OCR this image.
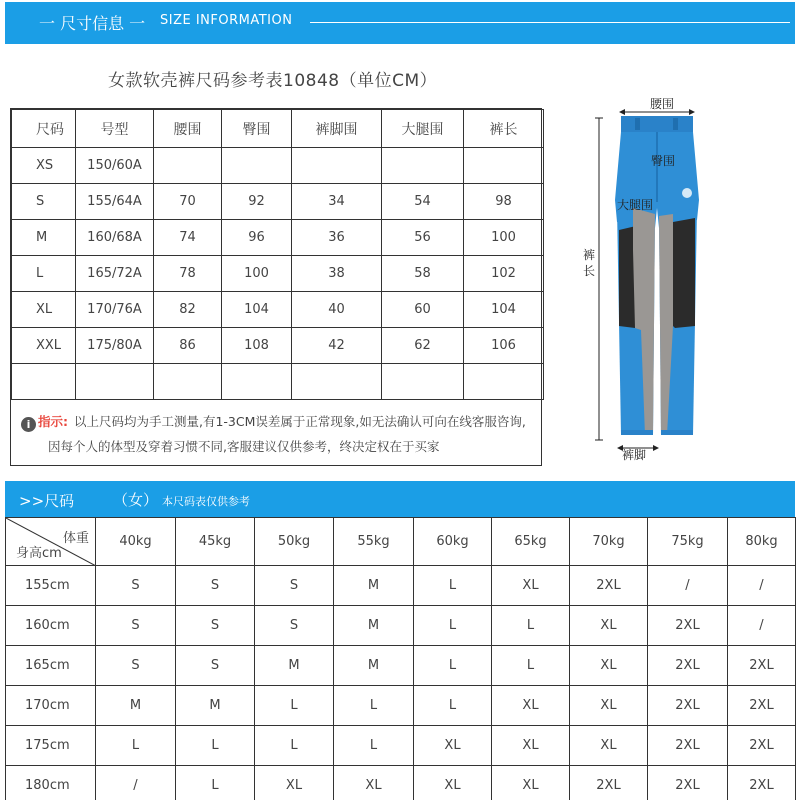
一 尺寸信息 一 SIZE INFORMATION
女款软壳裤尺码参考表10848（单位CM）
尺码	号型	腰围	臀围	裤脚围	大腿围	裤长
XS	150/60A					
S	155/64A	70	92	34	54	98
M	160/68A	74	96	36	56	100
L	165/72A	78	100	38	58	102
XL	170/76A	82	104	40	60	104
XXL	175/80A	86	108	42	62	106

i 指示: 以上尺码均为手工测量,有1-3CM误差属于正常现象,如无法确认可向在线客服咨询,
因每个人的体型及穿着习惯不同,客服建议仅供参考，终决定权在于买家
腰围
臀围
大腿围
裤
长
裤脚
>>尺码	（女） 本尺码表仅供参考
体重
身高cm	40kg	45kg	50kg	55kg	60kg	65kg	70kg	75kg	80kg
155cm	S	S	S	M	L	XL	2XL	/	/
160cm	S	S	S	M	L	L	XL	2XL	/
165cm	S	S	M	M	L	L	XL	2XL	2XL
170cm	M	M	L	L	L	XL	XL	2XL	2XL
175cm	L	L	L	L	XL	XL	XL	2XL	2XL
180cm	/	L	XL	XL	XL	XL	2XL	2XL	2XL
